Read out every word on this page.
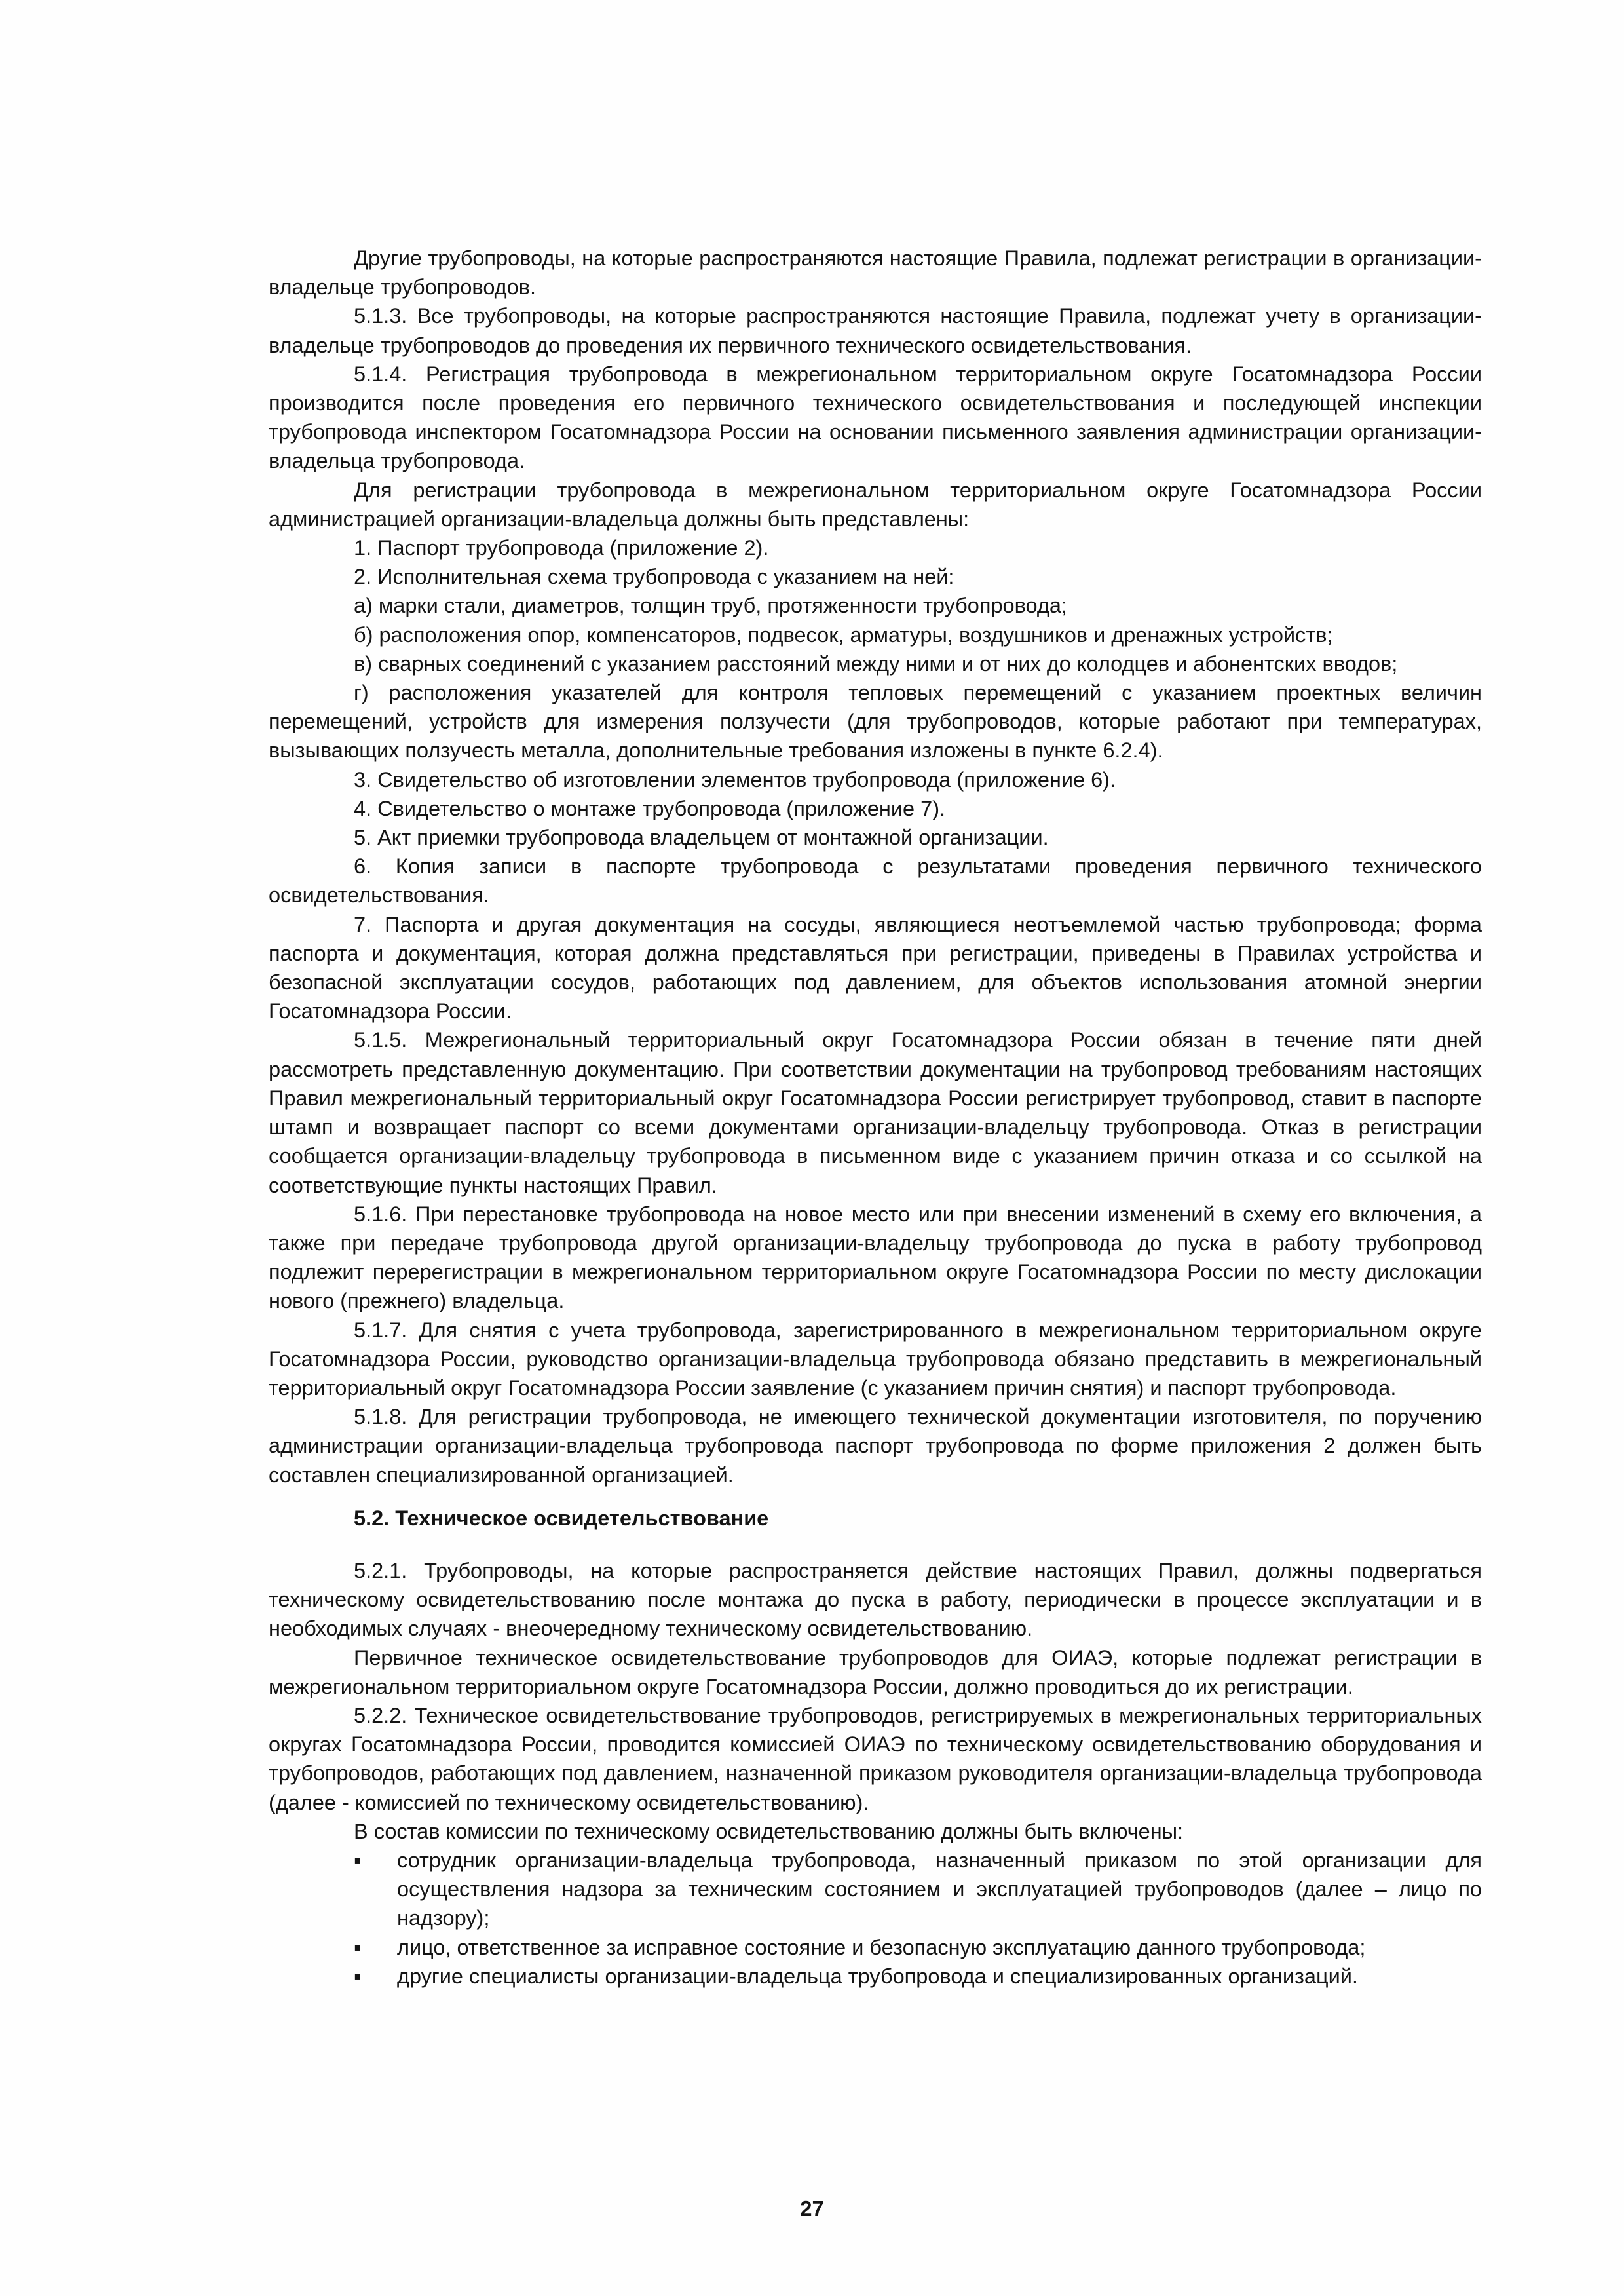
Другие трубопроводы, на которые распространяются настоящие Правила, подлежат регистрации в организации-владельце трубопроводов.

5.1.3. Все трубопроводы, на которые распространяются настоящие Правила, подлежат учету в организации-владельце трубопроводов до проведения их первичного технического освидетельствования.

5.1.4. Регистрация трубопровода в межрегиональном территориальном округе Госатомнадзора России производится после проведения его первичного технического освидетельствования и последующей инспекции трубопровода инспектором Госатомнадзора России на основании письменного заявления администрации организации-владельца трубопровода.

Для регистрации трубопровода в межрегиональном территориальном округе Госатомнадзора России администрацией организации-владельца должны быть представлены:

1. Паспорт трубопровода (приложение 2).

2. Исполнительная схема трубопровода с указанием на ней:

а) марки стали, диаметров, толщин труб, протяженности трубопровода;

б) расположения опор, компенсаторов, подвесок, арматуры, воздушников и дренажных устройств;

в) сварных соединений с указанием расстояний между ними и от них до колодцев и абонентских вводов;

г) расположения указателей для контроля тепловых перемещений с указанием проектных величин перемещений, устройств для измерения ползучести (для трубопроводов, которые работают при температурах, вызывающих ползучесть металла, дополнительные требования изложены в пункте 6.2.4).

3. Свидетельство об изготовлении элементов трубопровода (приложение 6).

4. Свидетельство о монтаже трубопровода (приложение 7).

5. Акт приемки трубопровода владельцем от монтажной организации.

6. Копия записи в паспорте трубопровода с результатами проведения первичного технического освидетельствования.

7. Паспорта и другая документация на сосуды, являющиеся неотъемлемой частью трубопровода; форма паспорта и документация, которая должна представляться при регистрации, приведены в Правилах устройства и безопасной эксплуатации сосудов, работающих под давлением, для объектов использования атомной энергии Госатомнадзора России.

5.1.5. Межрегиональный территориальный округ Госатомнадзора России обязан в течение пяти дней рассмотреть представленную документацию. При соответствии документации на трубопровод требованиям настоящих Правил межрегиональный территориальный округ Госатомнадзора России регистрирует трубопровод, ставит в паспорте штамп и возвращает паспорт со всеми документами организации-владельцу трубопровода. Отказ в регистрации сообщается организации-владельцу трубопровода в письменном виде с указанием причин отказа и со ссылкой на соответствующие пункты настоящих Правил.

5.1.6. При перестановке трубопровода на новое место или при внесении изменений в схему его включения, а также при передаче трубопровода другой организации-владельцу трубопровода до пуска в работу трубопровод подлежит перерегистрации в межрегиональном территориальном округе Госатомнадзора России по месту дислокации нового (прежнего) владельца.

5.1.7. Для снятия с учета трубопровода, зарегистрированного в межрегиональном территориальном округе Госатомнадзора России, руководство организации-владельца трубопровода обязано представить в межрегиональный территориальный округ Госатомнадзора России заявление (с указанием причин снятия) и паспорт трубопровода.

5.1.8. Для регистрации трубопровода, не имеющего технической документации изготовителя, по поручению администрации организации-владельца трубопровода паспорт трубопровода по форме приложения 2 должен быть составлен специализированной организацией.

5.2. Техническое освидетельствование

5.2.1. Трубопроводы, на которые распространяется действие настоящих Правил, должны подвергаться техническому освидетельствованию после монтажа до пуска в работу, периодически в процессе эксплуатации и в необходимых случаях - внеочередному техническому освидетельствованию.

Первичное техническое освидетельствование трубопроводов для ОИАЭ, которые подлежат регистрации в межрегиональном территориальном округе Госатомнадзора России, должно проводиться до их регистрации.

5.2.2. Техническое освидетельствование трубопроводов, регистрируемых в межрегиональных территориальных округах Госатомнадзора России, проводится комиссией ОИАЭ по техническому освидетельствованию оборудования и трубопроводов, работающих под давлением, назначенной приказом руководителя организации-владельца трубопровода (далее - комиссией по техническому освидетельствованию).

В состав комиссии по техническому освидетельствованию должны быть включены:

▪	сотрудник организации-владельца трубопровода, назначенный приказом по этой организации для осуществления надзора за техническим состоянием и эксплуатацией трубопроводов (далее – лицо по надзору);
▪	лицо, ответственное за исправное состояние и безопасную эксплуатацию данного трубопровода;
▪	другие специалисты организации-владельца трубопровода и специализированных организаций.
27
